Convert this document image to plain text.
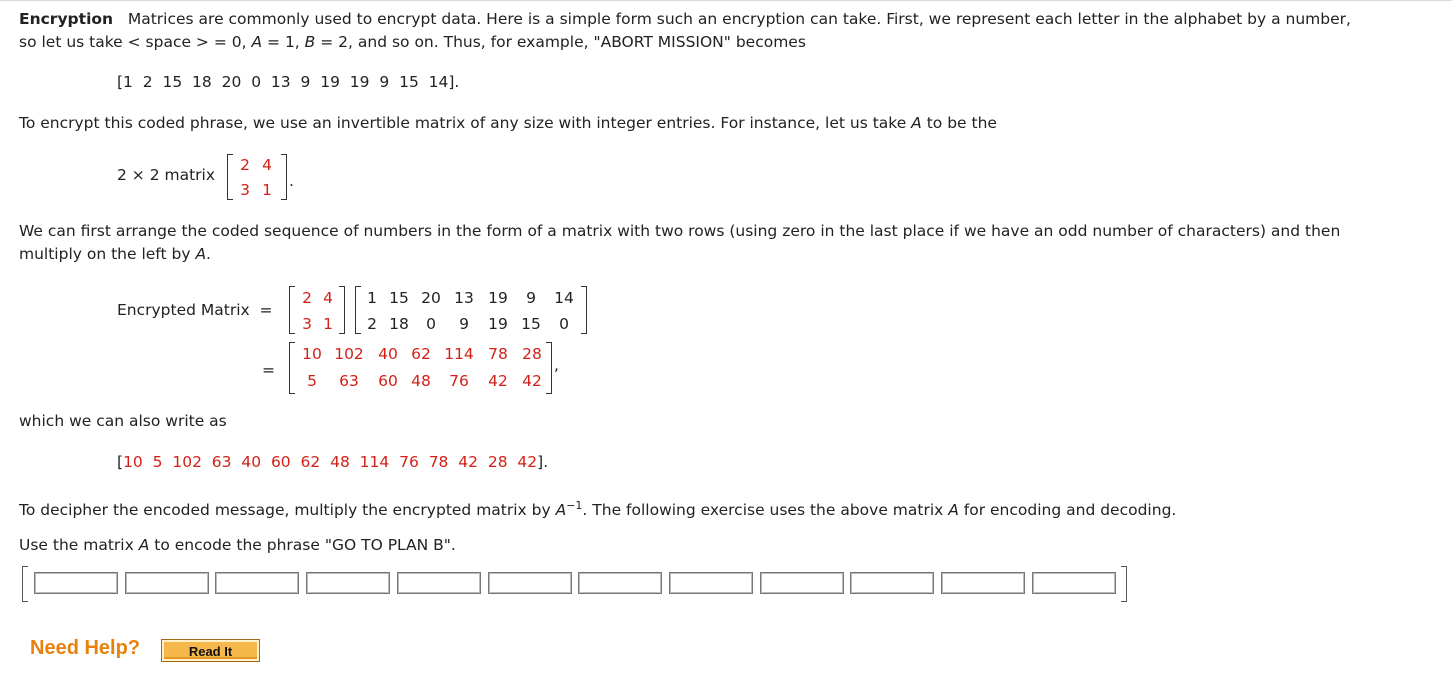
Encryption Matrices are commonly used to encrypt data. Here is a simple form such an encryption can take. First, we represent each letter in the alphabet by a number,
so let us take < space > = 0, A = 1, B = 2, and so on. Thus, for example, "ABORT MISSION" becomes
[1  2  15  18  20  0  13  9  19  19  9  15  14].
To encrypt this coded phrase, we use an invertible matrix of any size with integer entries. For instance, let us take A to be the
2 × 2 matrix
2 4
3 1	.
We can first arrange the coded sequence of numbers in the form of a matrix with two rows (using zero in the last place if we have an odd number of characters) and then
multiply on the left by A.
Encrypted Matrix  =
2 4
3 1
1 15 20 13 19	9	14
2 18	0	9	19 15	0
=
10 102 40 62 114 78 28
5	63	60 48	76	42 42
,
which we can also write as
[10  5  102  63  40  60  62  48  114  76  78  42  28  42].
To decipher the encoded message, multiply the encrypted matrix by $A^{-1}$. The following exercise uses the above matrix A for encoding and decoding.
Use the matrix A to encode the phrase "GO TO PLAN B".
Need Help?	Read It
